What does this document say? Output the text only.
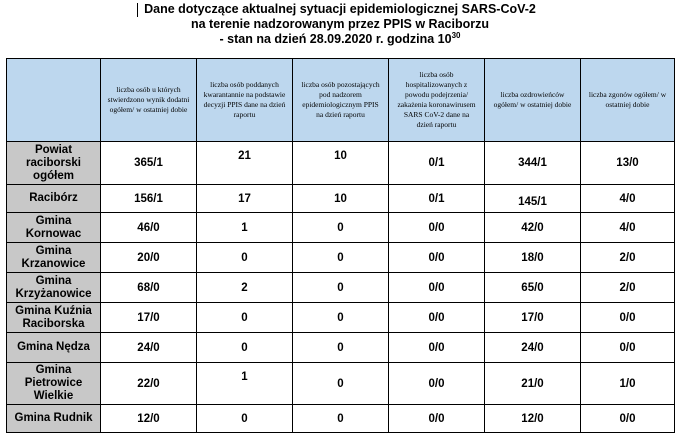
Dane dotyczące aktualnej sytuacji epidemiologicznej SARS-CoV-2
na terenie nadzorowanym przez PPIS w Raciborzu
- stan na dzień 28.09.2020 r. godzina $10^{30}$
	liczba osób u których stwierdzono wynik dodatni ogółem/ w ostatniej dobie	liczba osób poddanych kwarantannie na podstawie decyzji PPIS dane na dzień raportu	liczba osób pozostających pod nadzorem epidemiologicznym PPIS na dzień raportu	liczba osób hospitalizowanych z powodu podejrzenia/ zakażenia koronawirusem SARS CoV-2 dane na dzień raportu	liczba ozdrowieńców ogółem/ w ostatniej dobie	liczba zgonów ogółem/ w ostatniej dobie
Powiat raciborski ogółem	365/1	21	10	0/1	344/1	13/0
Racibórz	156/1	17	10	0/1	145/1	4/0
Gmina Kornowac	46/0	1	0	0/0	42/0	4/0
Gmina Krzanowice	20/0	0	0	0/0	18/0	2/0
Gmina Krzyżanowice	68/0	2	0	0/0	65/0	2/0
Gmina Kuźnia Raciborska	17/0	0	0	0/0	17/0	0/0
Gmina Nędza	24/0	0	0	0/0	24/0	0/0
Gmina Pietrowice Wielkie	22/0	1	0	0/0	21/0	1/0
Gmina Rudnik	12/0	0	0	0/0	12/0	0/0
